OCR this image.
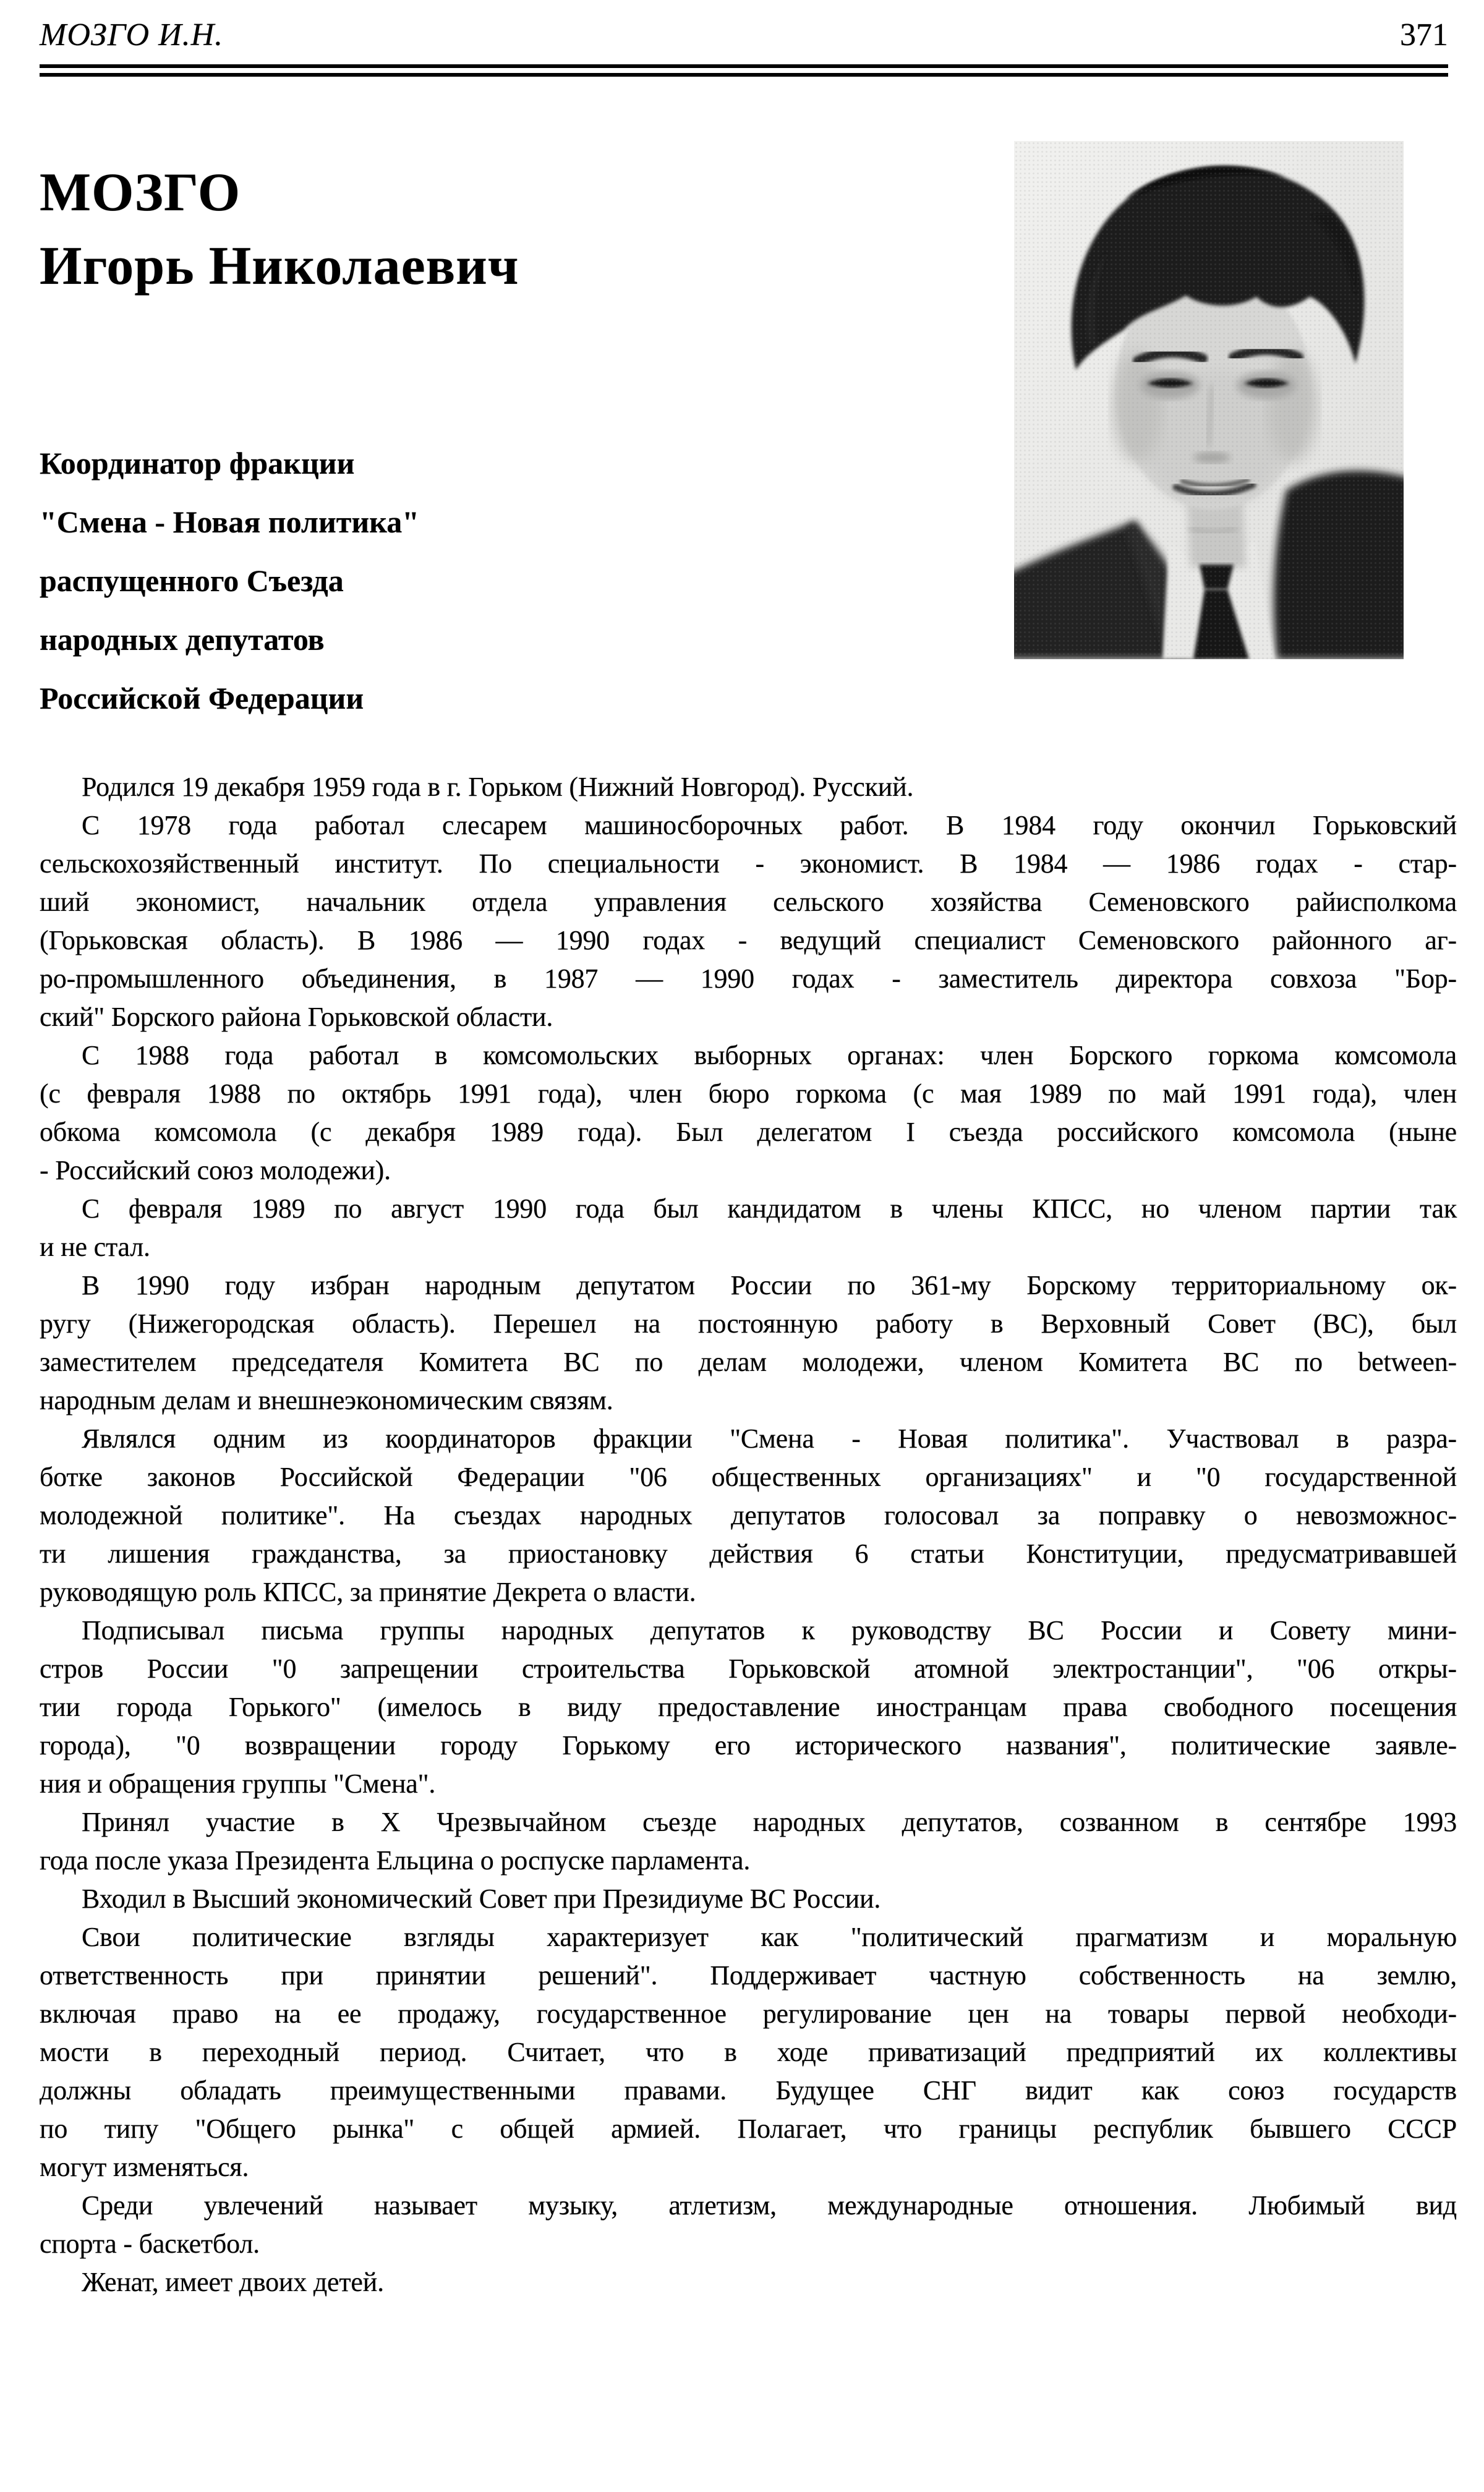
МОЗГО И.Н.	371
МОЗГО
Игорь Николаевич
Координатор фракции
"Смена - Новая политика"
распущенного Съезда
народных депутатов
Российской Федерации
Родился 19 декабря 1959 года в г. Горьком (Нижний Новгород). Русский.
С 1978 года работал слесарем машиносборочных работ. В 1984 году окончил Горьковский
сельскохозяйственный институт. По специальности - экономист. В 1984 — 1986 годах - стар-
ший экономист, начальник отдела управления сельского хозяйства Семеновского райисполкома
(Горьковская область). В 1986 — 1990 годах - ведущий специалист Семеновского районного аг-
ро-промышленного объединения, в 1987 — 1990 годах - заместитель директора совхоза "Бор-
ский" Борского района Горьковской области.
С 1988 года работал в комсомольских выборных органах: член Борского горкома комсомола
(с февраля 1988 по октябрь 1991 года), член бюро горкома (с мая 1989 по май 1991 года), член
обкома комсомола (с декабря 1989 года). Был делегатом I съезда российского комсомола (ныне
- Российский союз молодежи).
С февраля 1989 по август 1990 года был кандидатом в члены КПСС, но членом партии так
и не стал.
В 1990 году избран народным депутатом России по 361-му Борскому территориальному ок-
ругу (Нижегородская область). Перешел на постоянную работу в Верховный Совет (ВС), был
заместителем председателя Комитета ВС по делам молодежи, членом Комитета ВС по between-
народным делам и внешнеэкономическим связям.
Являлся одним из координаторов фракции "Смена - Новая политика". Участвовал в разра-
ботке законов Российской Федерации "06 общественных организациях" и "0 государственной
молодежной политике". На съездах народных депутатов голосовал за поправку о невозможнос-
ти лишения гражданства, за приостановку действия 6 статьи Конституции, предусматривавшей
руководящую роль КПСС, за принятие Декрета о власти.
Подписывал письма группы народных депутатов к руководству ВС России и Совету мини-
стров России "0 запрещении строительства Горьковской атомной электростанции", "06 откры-
тии города Горького" (имелось в виду предоставление иностранцам права свободного посещения
города), "0 возвращении городу Горькому его исторического названия", политические заявле-
ния и обращения группы "Смена".
Принял участие в X Чрезвычайном съезде народных депутатов, созванном в сентябре 1993
года после указа Президента Ельцина о роспуске парламента.
Входил в Высший экономический Совет при Президиуме ВС России.
Свои политические взгляды характеризует как "политический прагматизм и моральную
ответственность при принятии решений". Поддерживает частную собственность на землю,
включая право на ее продажу, государственное регулирование цен на товары первой необходи-
мости в переходный период. Считает, что в ходе приватизаций предприятий их коллективы
должны обладать преимущественными правами. Будущее СНГ видит как союз государств
по типу "Общего рынка" с общей армией. Полагает, что границы республик бывшего СССР
могут изменяться.
Среди увлечений называет музыку, атлетизм, международные отношения. Любимый вид
спорта - баскетбол.
Женат, имеет двоих детей.
